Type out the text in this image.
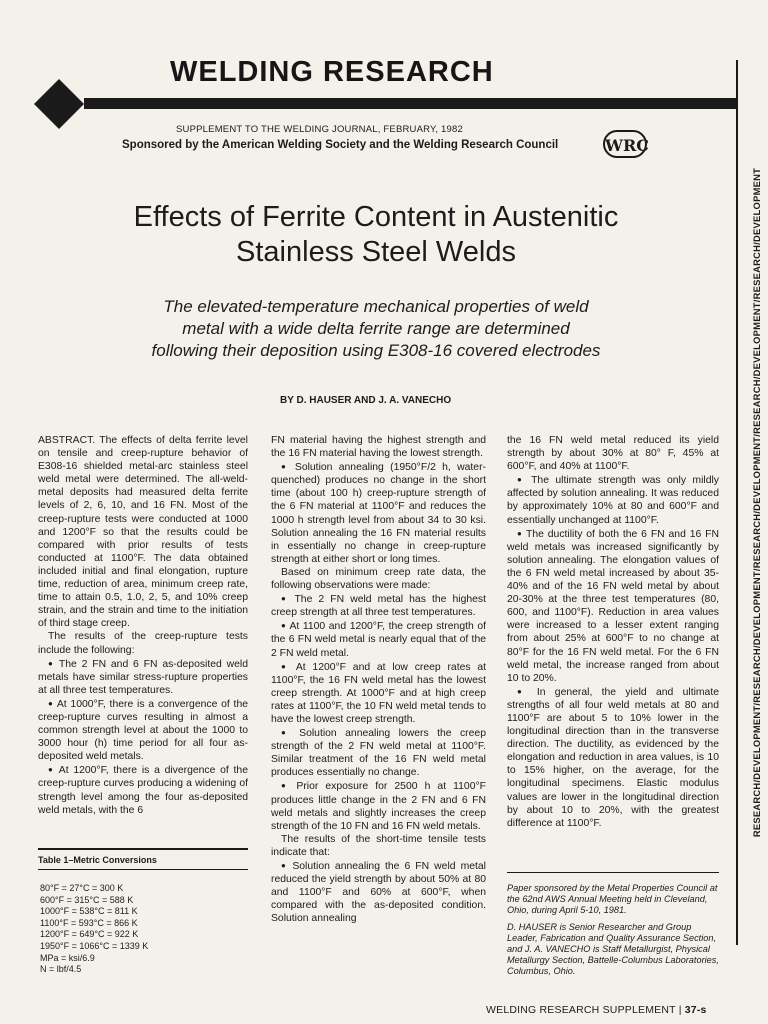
WELDING RESEARCH
SUPPLEMENT TO THE WELDING JOURNAL, FEBRUARY, 1982
Sponsored by the American Welding Society and the Welding Research Council	WRC
RESEARCH/DEVELOPMENT/RESEARCH/DEVELOPMENT/RESEARCH/DEVELOPMENT/RESEARCH/DEVELOPMENT/RESEARCH/DEVELOPMENT
Effects of Ferrite Content in Austenitic
Stainless Steel Welds
The elevated-temperature mechanical properties of weld
metal with a wide delta ferrite range are determined
following their deposition using E308-16 covered electrodes
BY D. HAUSER AND J. A. VANECHO

ABSTRACT. The effects of delta ferrite level on tensile and creep-rupture behavior of E308-16 shielded metal-arc stainless steel weld metal were determined. The all-weld-metal deposits had measured delta ferrite levels of 2, 6, 10, and 16 FN. Most of the creep-rupture tests were conducted at 1000 and 1200°F so that the results could be compared with prior results of tests conducted at 1100°F. The data obtained included initial and final elongation, rupture time, reduction of area, minimum creep rate, time to attain 0.5, 1.0, 2, 5, and 10% creep strain, and the strain and time to the initiation of third stage creep.

The results of the creep-rupture tests include the following:

● The 2 FN and 6 FN as-deposited weld metals have similar stress-rupture properties at all three test temperatures.

● At 1000°F, there is a convergence of the creep-rupture curves resulting in almost a common strength level at about the 1000 to 3000 hour (h) time period for all four as-deposited weld metals.

● At 1200°F, there is a divergence of the creep-rupture curves producing a widening of strength level among the four as-deposited weld metals, with the 6

Table 1–Metric Conversions
80°F = 27°C = 300 K
600°F = 315°C = 588 K
1000°F = 538°C = 811 K
1100°F = 593°C = 866 K
1200°F = 649°C = 922 K
1950°F = 1066°C = 1339 K
MPa = ksi/6.9
N = lbf/4.5

FN material having the highest strength and the 16 FN material having the lowest strength.

● Solution annealing (1950°F/2 h, water-quenched) produces no change in the short time (about 100 h) creep-rupture strength of the 6 FN material at 1100°F and reduces the 1000 h strength level from about 34 to 30 ksi. Solution annealing the 16 FN material results in essentially no change in creep-rupture strength at either short or long times.

Based on minimum creep rate data, the following observations were made:

● The 2 FN weld metal has the highest creep strength at all three test temperatures.

● At 1100 and 1200°F, the creep strength of the 6 FN weld metal is nearly equal that of the 2 FN weld metal.

● At 1200°F and at low creep rates at 1100°F, the 16 FN weld metal has the lowest creep strength. At 1000°F and at high creep rates at 1100°F, the 10 FN weld metal tends to have the lowest creep strength.

● Solution annealing lowers the creep strength of the 2 FN weld metal at 1100°F. Similar treatment of the 16 FN weld metal produces essentially no change.

● Prior exposure for 2500 h at 1100°F produces little change in the 2 FN and 6 FN weld metals and slightly increases the creep strength of the 10 FN and 16 FN weld metals.

The results of the short-time tensile tests indicate that:

● Solution annealing the 6 FN weld metal reduced the yield strength by about 50% at 80 and 1100°F and 60% at 600°F, when compared with the as-deposited condition. Solution annealing

the 16 FN weld metal reduced its yield strength by about 30% at 80° F, 45% at 600°F, and 40% at 1100°F.

● The ultimate strength was only mildly affected by solution annealing. It was reduced by approximately 10% at 80 and 600°F and essentially unchanged at 1100°F.

● The ductility of both the 6 FN and 16 FN weld metals was increased significantly by solution annealing. The elongation values of the 6 FN weld metal increased by about 35-40% and of the 16 FN weld metal by about 20-30% at the three test temperatures (80, 600, and 1100°F). Reduction in area values were increased to a lesser extent ranging from about 25% at 600°F to no change at 80°F for the 16 FN weld metal. For the 6 FN weld metal, the increase ranged from about 10 to 20%.

● In general, the yield and ultimate strengths of all four weld metals at 80 and 1100°F are about 5 to 10% lower in the longitudinal direction than in the transverse direction. The ductility, as evidenced by the elongation and reduction in area values, is 10 to 15% higher, on the average, for the longitudinal specimens. Elastic modulus values are lower in the longitudinal direction by about 10 to 20%, with the greatest difference at 1100°F.

Paper sponsored by the Metal Properties Council at the 62nd AWS Annual Meeting held in Cleveland, Ohio, during April 5-10, 1981.

D. HAUSER is Senior Researcher and Group Leader, Fabrication and Quality Assurance Section, and J. A. VANECHO is Staff Metallurgist, Physical Metallurgy Section, Battelle-Columbus Laboratories, Columbus, Ohio.

WELDING RESEARCH SUPPLEMENT | 37-s
